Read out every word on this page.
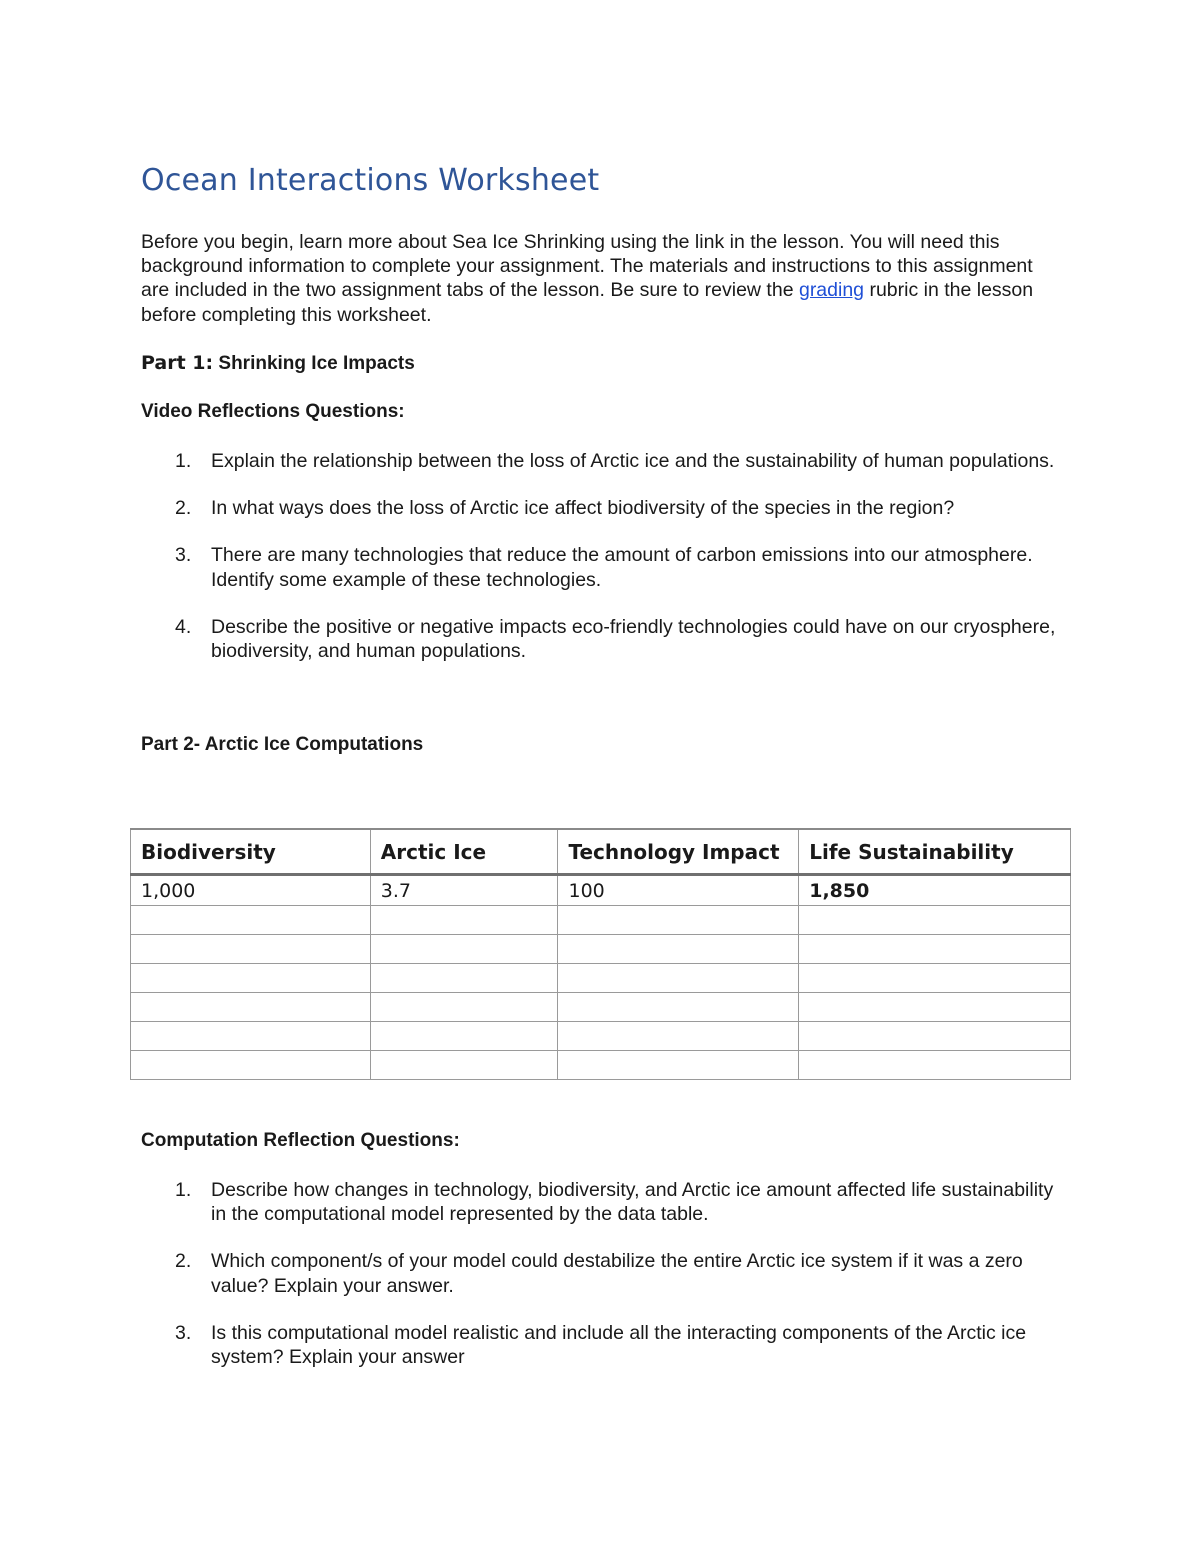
Ocean Interactions Worksheet

Before you begin, learn more about Sea Ice Shrinking using the link in the lesson. You will need this background information to complete your assignment. The materials and instructions to this assignment are included in the two assignment tabs of the lesson. Be sure to review the grading rubric in the lesson before completing this worksheet.

Part 1: Shrinking Ice Impacts

Video Reflections Questions:

1. Explain the relationship between the loss of Arctic ice and the sustainability of human populations.
2. In what ways does the loss of Arctic ice affect biodiversity of the species in the region?
3. There are many technologies that reduce the amount of carbon emissions into our atmosphere. Identify some example of these technologies.
4. Describe the positive or negative impacts eco-friendly technologies could have on our cryosphere, biodiversity, and human populations.

Part 2- Arctic Ice Computations

Biodiversity	Arctic Ice	Technology Impact	Life Sustainability
1,000	3.7	100	1,850

Computation Reflection Questions:

1. Describe how changes in technology, biodiversity, and Arctic ice amount affected life sustainability in the computational model represented by the data table.
2. Which component/s of your model could destabilize the entire Arctic ice system if it was a zero value? Explain your answer.
3. Is this computational model realistic and include all the interacting components of the Arctic ice system? Explain your answer
